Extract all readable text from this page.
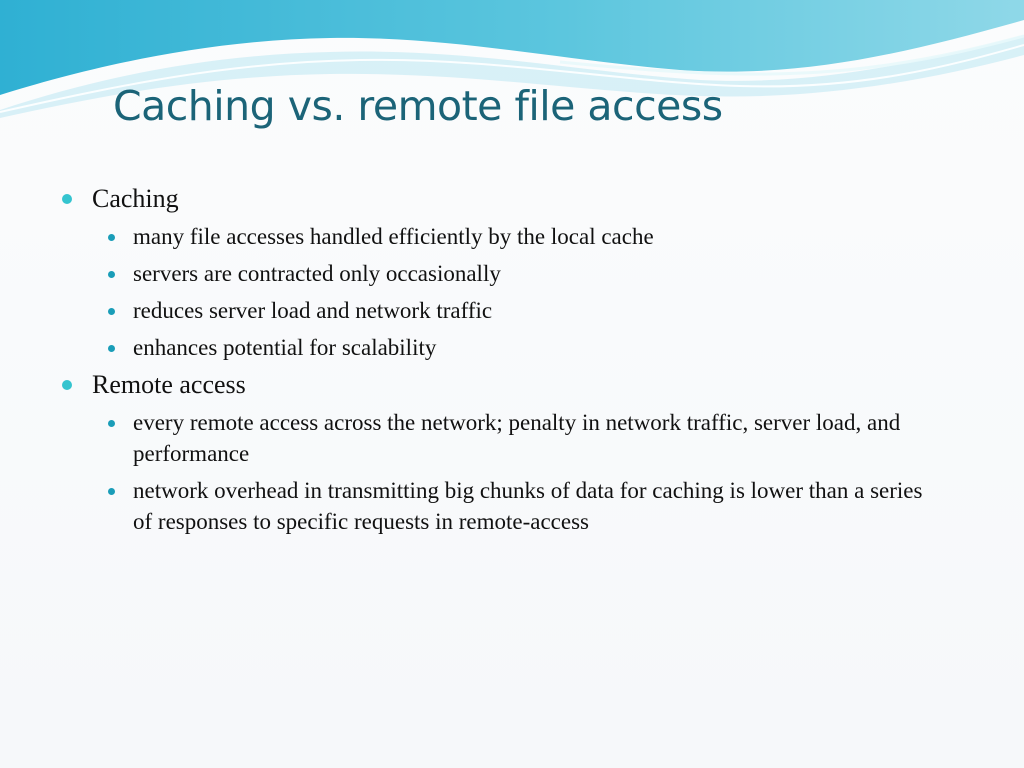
Caching vs. remote file access
Caching
many file accesses handled efficiently by the local cache
servers are contracted only occasionally
reduces server load and network traffic
enhances potential for scalability
Remote access
every remote access across the network; penalty in network traffic, server load, and performance
network overhead in transmitting big chunks of data for caching is lower than a series of responses to specific requests in remote-access
